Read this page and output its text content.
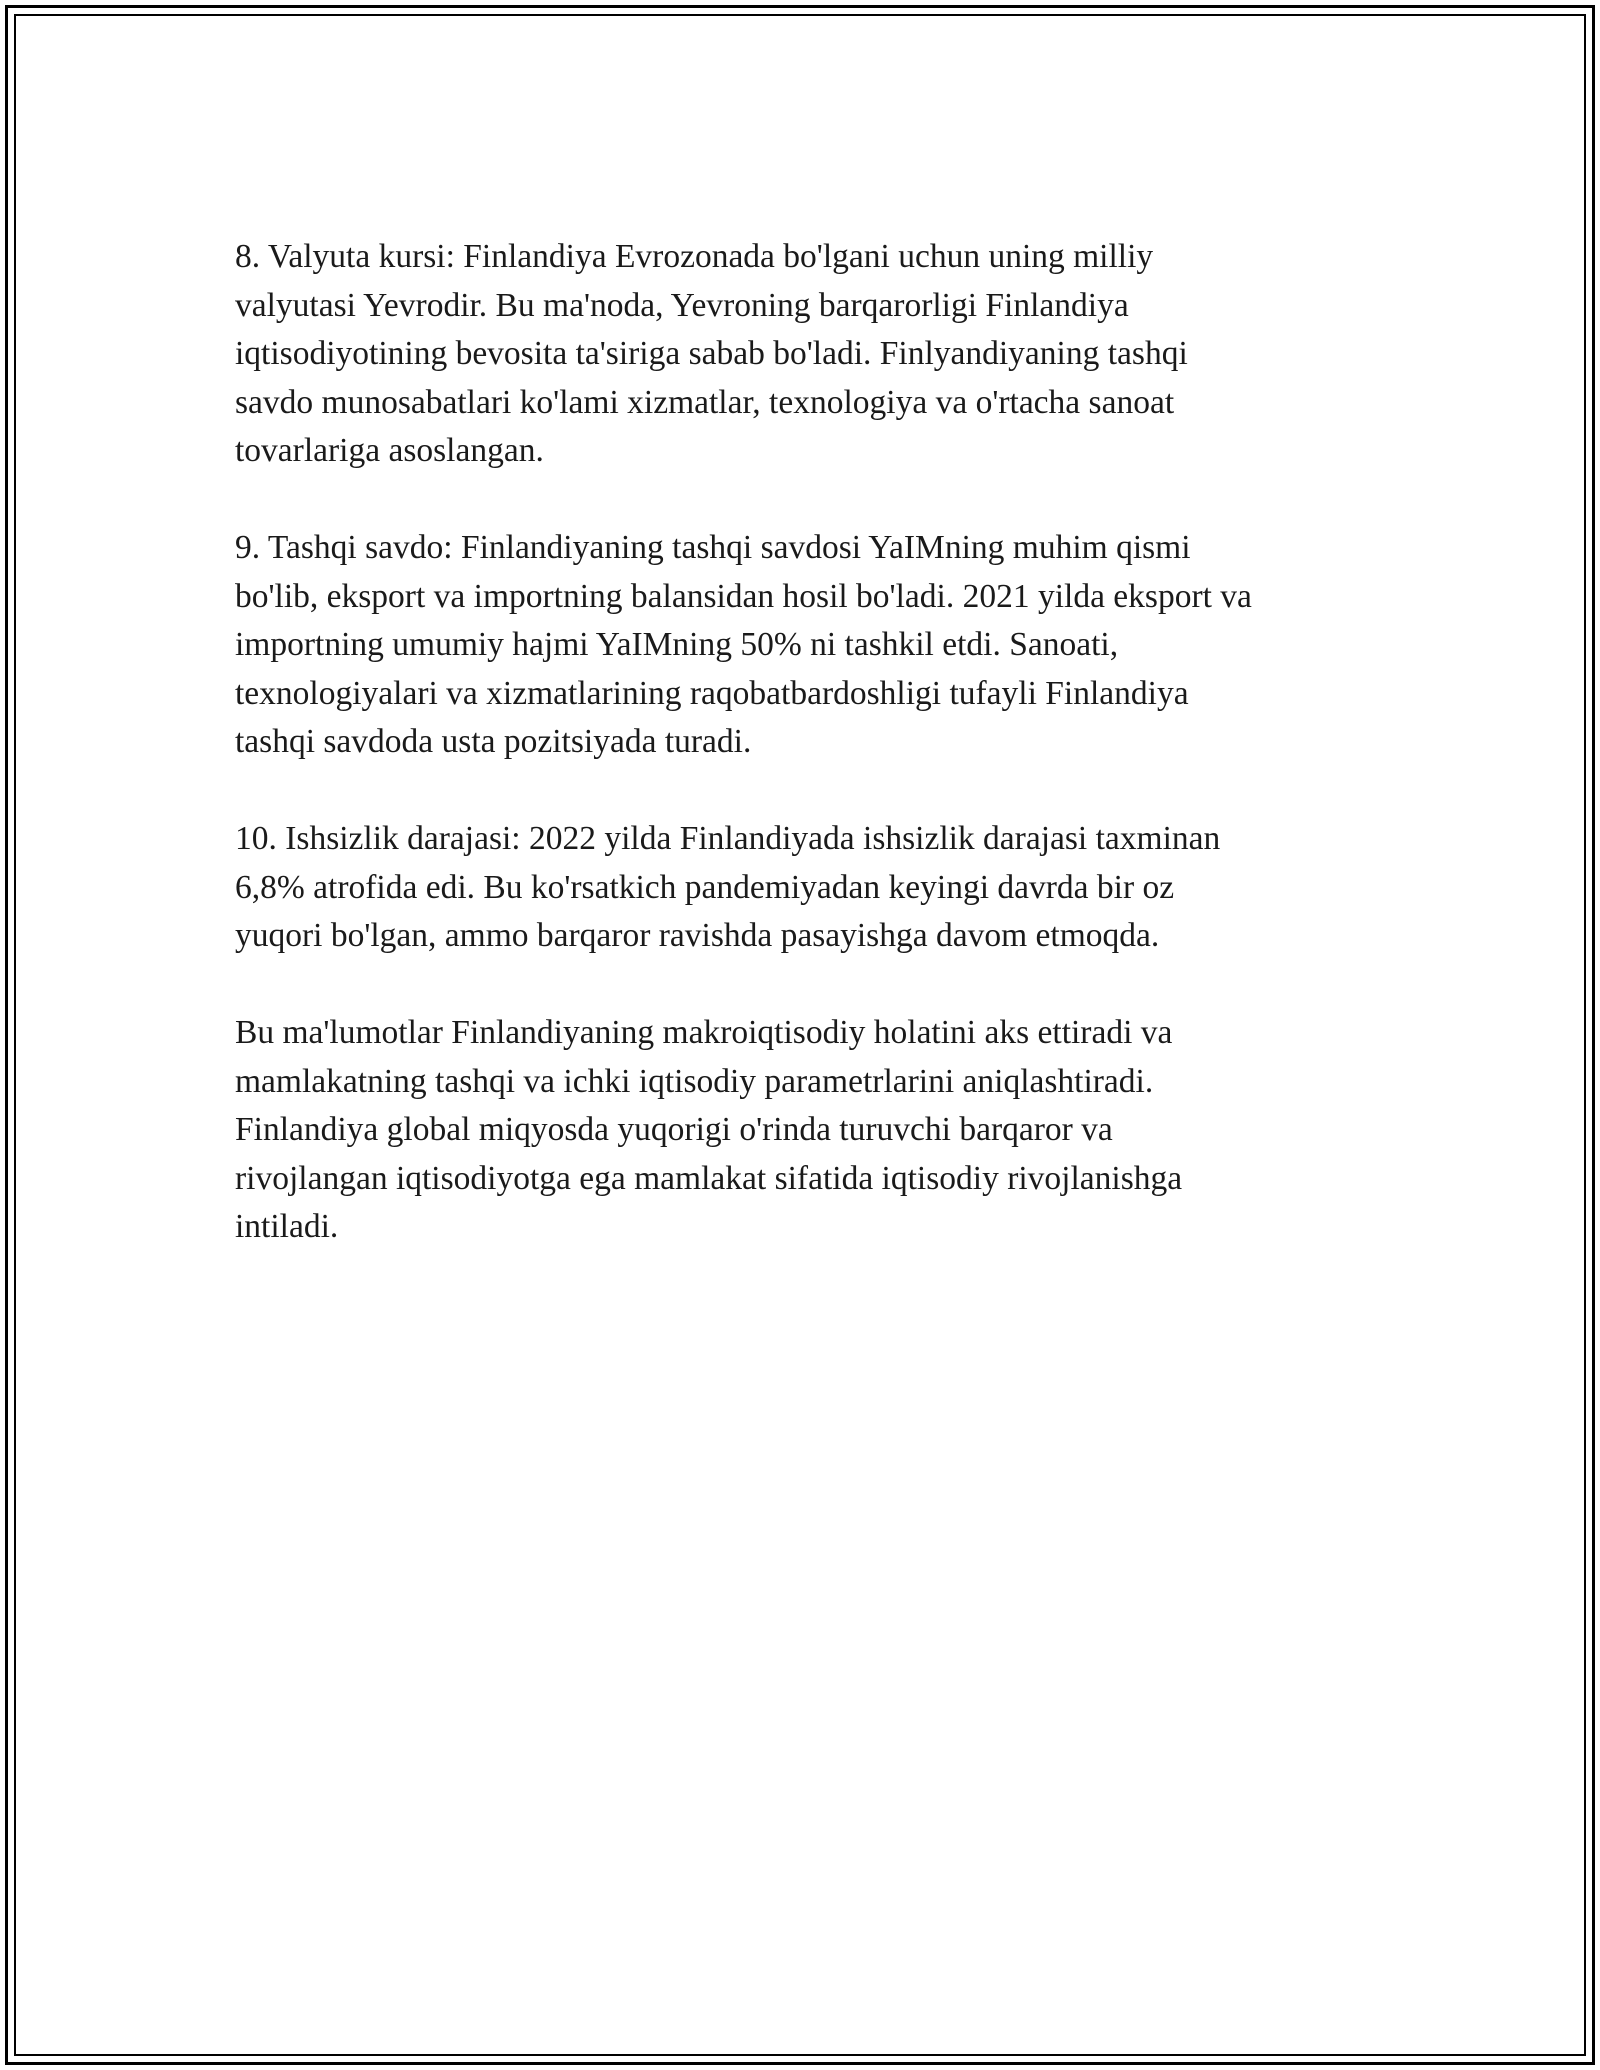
8. Valyuta kursi: Finlandiya Evrozonada bo'lgani uchun uning milliy
valyutasi Yevrodir. Bu ma'noda, Yevroning barqarorligi Finlandiya
iqtisodiyotining bevosita ta'siriga sabab bo'ladi. Finlyandiyaning tashqi
savdo munosabatlari ko'lami xizmatlar, texnologiya va o'rtacha sanoat
tovarlariga asoslangan.

9. Tashqi savdo: Finlandiyaning tashqi savdosi YaIMning muhim qismi
bo'lib, eksport va importning balansidan hosil bo'ladi. 2021 yilda eksport va
importning umumiy hajmi YaIMning 50% ni tashkil etdi. Sanoati,
texnologiyalari va xizmatlarining raqobatbardoshligi tufayli Finlandiya
tashqi savdoda usta pozitsiyada turadi.

10. Ishsizlik darajasi: 2022 yilda Finlandiyada ishsizlik darajasi taxminan
6,8% atrofida edi. Bu ko'rsatkich pandemiyadan keyingi davrda bir oz
yuqori bo'lgan, ammo barqaror ravishda pasayishga davom etmoqda.

Bu ma'lumotlar Finlandiyaning makroiqtisodiy holatini aks ettiradi va
mamlakatning tashqi va ichki iqtisodiy parametrlarini aniqlashtiradi.
Finlandiya global miqyosda yuqorigi o'rinda turuvchi barqaror va
rivojlangan iqtisodiyotga ega mamlakat sifatida iqtisodiy rivojlanishga
intiladi.
